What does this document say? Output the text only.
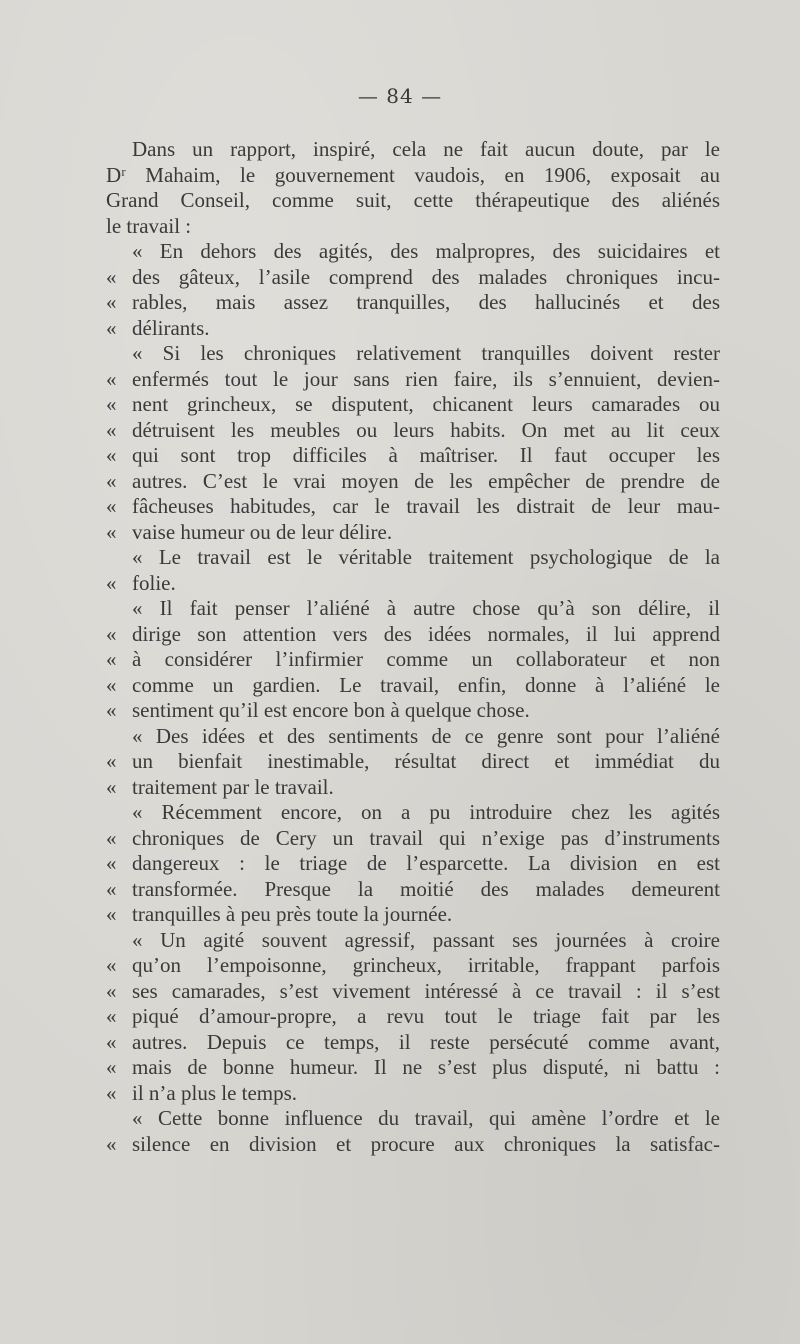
— 84 —
Dans un rapport, inspiré, cela ne fait aucun doute, par le
Dʳ Mahaim, le gouvernement vaudois, en 1906, exposait au
Grand Conseil, comme suit, cette thérapeutique des aliénés
le travail :
« En dehors des agités, des malpropres, des suicidaires et
« des gâteux, l’asile comprend des malades chroniques incu-
« rables, mais assez tranquilles, des hallucinés et des
« délirants.
« Si les chroniques relativement tranquilles doivent rester
« enfermés tout le jour sans rien faire, ils s’ennuient, devien-
« nent grincheux, se disputent, chicanent leurs camarades ou
« détruisent les meubles ou leurs habits. On met au lit ceux
« qui sont trop difficiles à maîtriser. Il faut occuper les
« autres. C’est le vrai moyen de les empêcher de prendre de
« fâcheuses habitudes, car le travail les distrait de leur mau-
« vaise humeur ou de leur délire.
« Le travail est le véritable traitement psychologique de la
« folie.
« Il fait penser l’aliéné à autre chose qu’à son délire, il
« dirige son attention vers des idées normales, il lui apprend
« à considérer l’infirmier comme un collaborateur et non
« comme un gardien. Le travail, enfin, donne à l’aliéné le
« sentiment qu’il est encore bon à quelque chose.
« Des idées et des sentiments de ce genre sont pour l’aliéné
« un bienfait inestimable, résultat direct et immédiat du
« traitement par le travail.
« Récemment encore, on a pu introduire chez les agités
« chroniques de Cery un travail qui n’exige pas d’instruments
« dangereux : le triage de l’esparcette. La division en est
« transformée. Presque la moitié des malades demeurent
« tranquilles à peu près toute la journée.
« Un agité souvent agressif, passant ses journées à croire
« qu’on l’empoisonne, grincheux, irritable, frappant parfois
« ses camarades, s’est vivement intéressé à ce travail : il s’est
« piqué d’amour-propre, a revu tout le triage fait par les
« autres. Depuis ce temps, il reste persécuté comme avant,
« mais de bonne humeur. Il ne s’est plus disputé, ni battu :
« il n’a plus le temps.
« Cette bonne influence du travail, qui amène l’ordre et le
« silence en division et procure aux chroniques la satisfac-
